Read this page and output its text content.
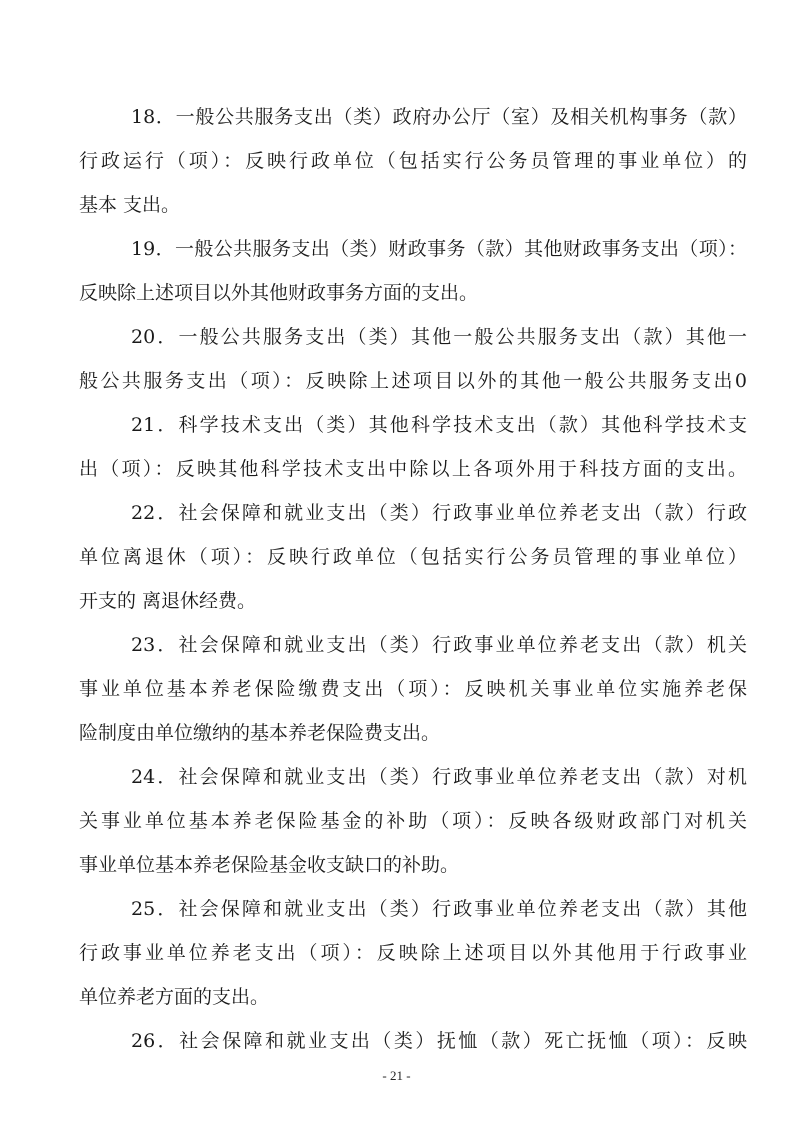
18．一般公共服务支出（类）政府办公厅（室）及相关机构事务（款）
行政运行（项）：反映行政单位（包括实行公务员管理的事业单位）的
基本 支出。
19．一般公共服务支出（类）财政事务（款）其他财政事务支出（项）：
反映除上述项目以外其他财政事务方面的支出。
20．一般公共服务支出（类）其他一般公共服务支出（款）其他一
般公共服务支出（项）：反映除上述项目以外的其他一般公共服务支出0
21．科学技术支出（类）其他科学技术支出（款）其他科学技术支
出（项）：反映其他科学技术支出中除以上各项外用于科技方面的支出。
22．社会保障和就业支出（类）行政事业单位养老支出（款）行政
单位离退休（项）：反映行政单位（包括实行公务员管理的事业单位）
开支的 离退休经费。
23．社会保障和就业支出（类）行政事业单位养老支出（款）机关
事业单位基本养老保险缴费支出（项）：反映机关事业单位实施养老保
险制度由单位缴纳的基本养老保险费支出。
24．社会保障和就业支出（类）行政事业单位养老支出（款）对机
关事业单位基本养老保险基金的补助（项）：反映各级财政部门对机关
事业单位基本养老保险基金收支缺口的补助。
25．社会保障和就业支出（类）行政事业单位养老支出（款）其他
行政事业单位养老支出（项）：反映除上述项目以外其他用于行政事业
单位养老方面的支出。
26．社会保障和就业支出（类）抚恤（款）死亡抚恤（项）：反映
- 21 -
